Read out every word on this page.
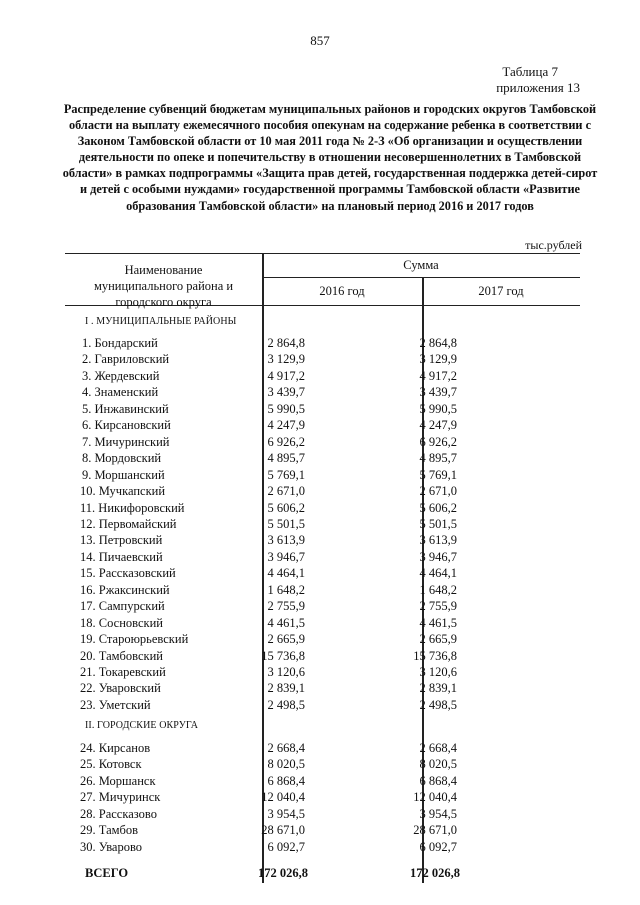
857
Таблица 7
приложения 13
Распределение субвенций бюджетам муниципальных районов и городских округов Тамбовской области на выплату ежемесячного пособия опекунам на содержание ребенка в соответствии с Законом Тамбовской области от 10 мая 2011 года № 2-З «Об организации и осуществлении деятельности по опеке и попечительству в отношении несовершеннолетних в Тамбовской области» в рамках подпрограммы «Защита прав детей, государственная поддержка детей-сирот и детей с особыми нуждами» государственной программы Тамбовской области «Развитие образования Тамбовской области» на плановый период 2016 и 2017 годов
тыс.рублей
Наименование муниципального района и городского округа
Сумма
2016 год	2017 год
I . МУНИЦИПАЛЬНЫЕ РАЙОНЫ
1. Бондарский	2 864,8	2 864,8
2. Гавриловский	3 129,9	3 129,9
3. Жердевский	4 917,2	4 917,2
4. Знаменский	3 439,7	3 439,7
5. Инжавинский	5 990,5	5 990,5
6. Кирсановский	4 247,9	4 247,9
7. Мичуринский	6 926,2	6 926,2
8. Мордовский	4 895,7	4 895,7
9. Моршанский	5 769,1	5 769,1
10. Мучкапский	2 671,0	2 671,0
11. Никифоровский	5 606,2	5 606,2
12. Первомайский	5 501,5	5 501,5
13. Петровский	3 613,9	3 613,9
14. Пичаевский	3 946,7	3 946,7
15. Рассказовский	4 464,1	4 464,1
16. Ржаксинский	1 648,2	1 648,2
17. Сампурский	2 755,9	2 755,9
18. Сосновский	4 461,5	4 461,5
19. Староюрьевский	2 665,9	2 665,9
20. Тамбовский	15 736,8	15 736,8
21. Токаревский	3 120,6	3 120,6
22. Уваровский	2 839,1	2 839,1
23. Уметский	2 498,5	2 498,5
II. ГОРОДСКИЕ ОКРУГА
24. Кирсанов	2 668,4	2 668,4
25. Котовск	8 020,5	8 020,5
26. Моршанск	6 868,4	6 868,4
27. Мичуринск	12 040,4	12 040,4
28. Рассказово	3 954,5	3 954,5
29. Тамбов	28 671,0	28 671,0
30. Уварово	6 092,7	6 092,7
ВСЕГО	172 026,8	172 026,8
